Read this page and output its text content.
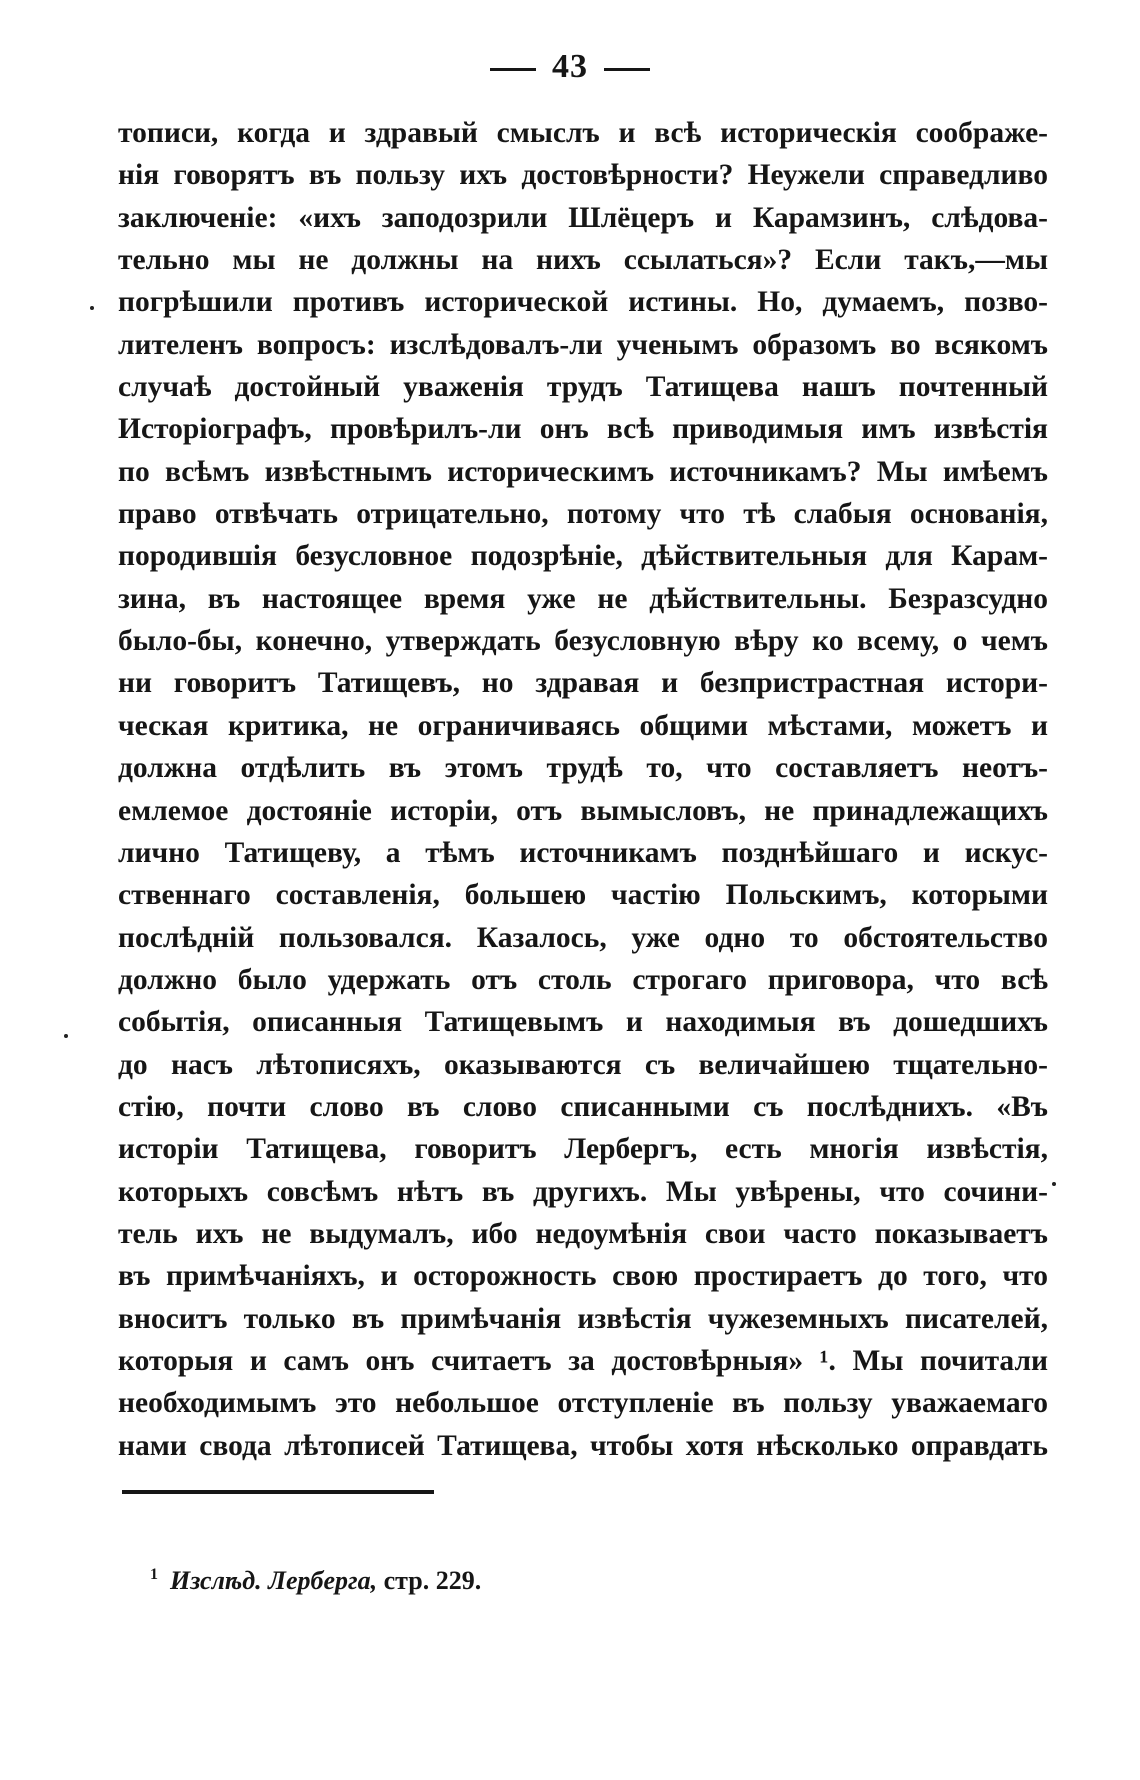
43
тописи, когда и здравый смыслъ и всѣ историческія соображе-
нія говорятъ въ пользу ихъ достовѣрности? Неужели справедливо
заключеніе: «ихъ заподозрили Шлёцеръ и Карамзинъ, слѣдова-
тельно мы не должны на нихъ ссылаться»? Если такъ,—мы
погрѣшили противъ исторической истины. Но, думаемъ, позво-
лителенъ вопросъ: изслѣдовалъ-ли ученымъ образомъ во всякомъ
случаѣ достойный уваженія трудъ Татищева нашъ почтенный
Исторіографъ, провѣрилъ-ли онъ всѣ приводимыя имъ извѣстія
по всѣмъ извѣстнымъ историческимъ источникамъ? Мы имѣемъ
право отвѣчать отрицательно, потому что тѣ слабыя основанія,
породившія безусловное подозрѣніе, дѣйствительныя для Карам-
зина, въ настоящее время уже не дѣйствительны. Безразсудно
было-бы, конечно, утверждать безусловную вѣру ко всему, о чемъ
ни говоритъ Татищевъ, но здравая и безпристрастная истори-
ческая критика, не ограничиваясь общими мѣстами, можетъ и
должна отдѣлить въ этомъ трудѣ то, что составляетъ неотъ-
емлемое достояніе исторіи, отъ вымысловъ, не принадлежащихъ
лично Татищеву, а тѣмъ источникамъ позднѣйшаго и искус-
ственнаго составленія, большею частію Польскимъ, которыми
послѣдній пользовался. Казалось, уже одно то обстоятельство
должно было удержать отъ столь строгаго приговора, что всѣ
событія, описанныя Татищевымъ и находимыя въ дошедшихъ
до насъ лѣтописяхъ, оказываются съ величайшею тщательно-
стію, почти слово въ слово списанными съ послѣднихъ. «Въ
исторіи Татищева, говоритъ Лербергъ, есть многія извѣстія,
которыхъ совсѣмъ нѣтъ въ другихъ. Мы увѣрены, что сочини-
тель ихъ не выдумалъ, ибо недоумѣнія свои часто показываетъ
въ примѣчаніяхъ, и осторожность свою простираетъ до того, что
вноситъ только въ примѣчанія извѣстія чужеземныхъ писателей,
которыя и самъ онъ считаетъ за достовѣрныя» ¹. Мы почитали
необходимымъ это небольшое отступленіе въ пользу уважаемаго
нами свода лѣтописей Татищева, чтобы хотя нѣсколько оправдать
$^1$ Изслѣд. Лерберга, стр. 229.
